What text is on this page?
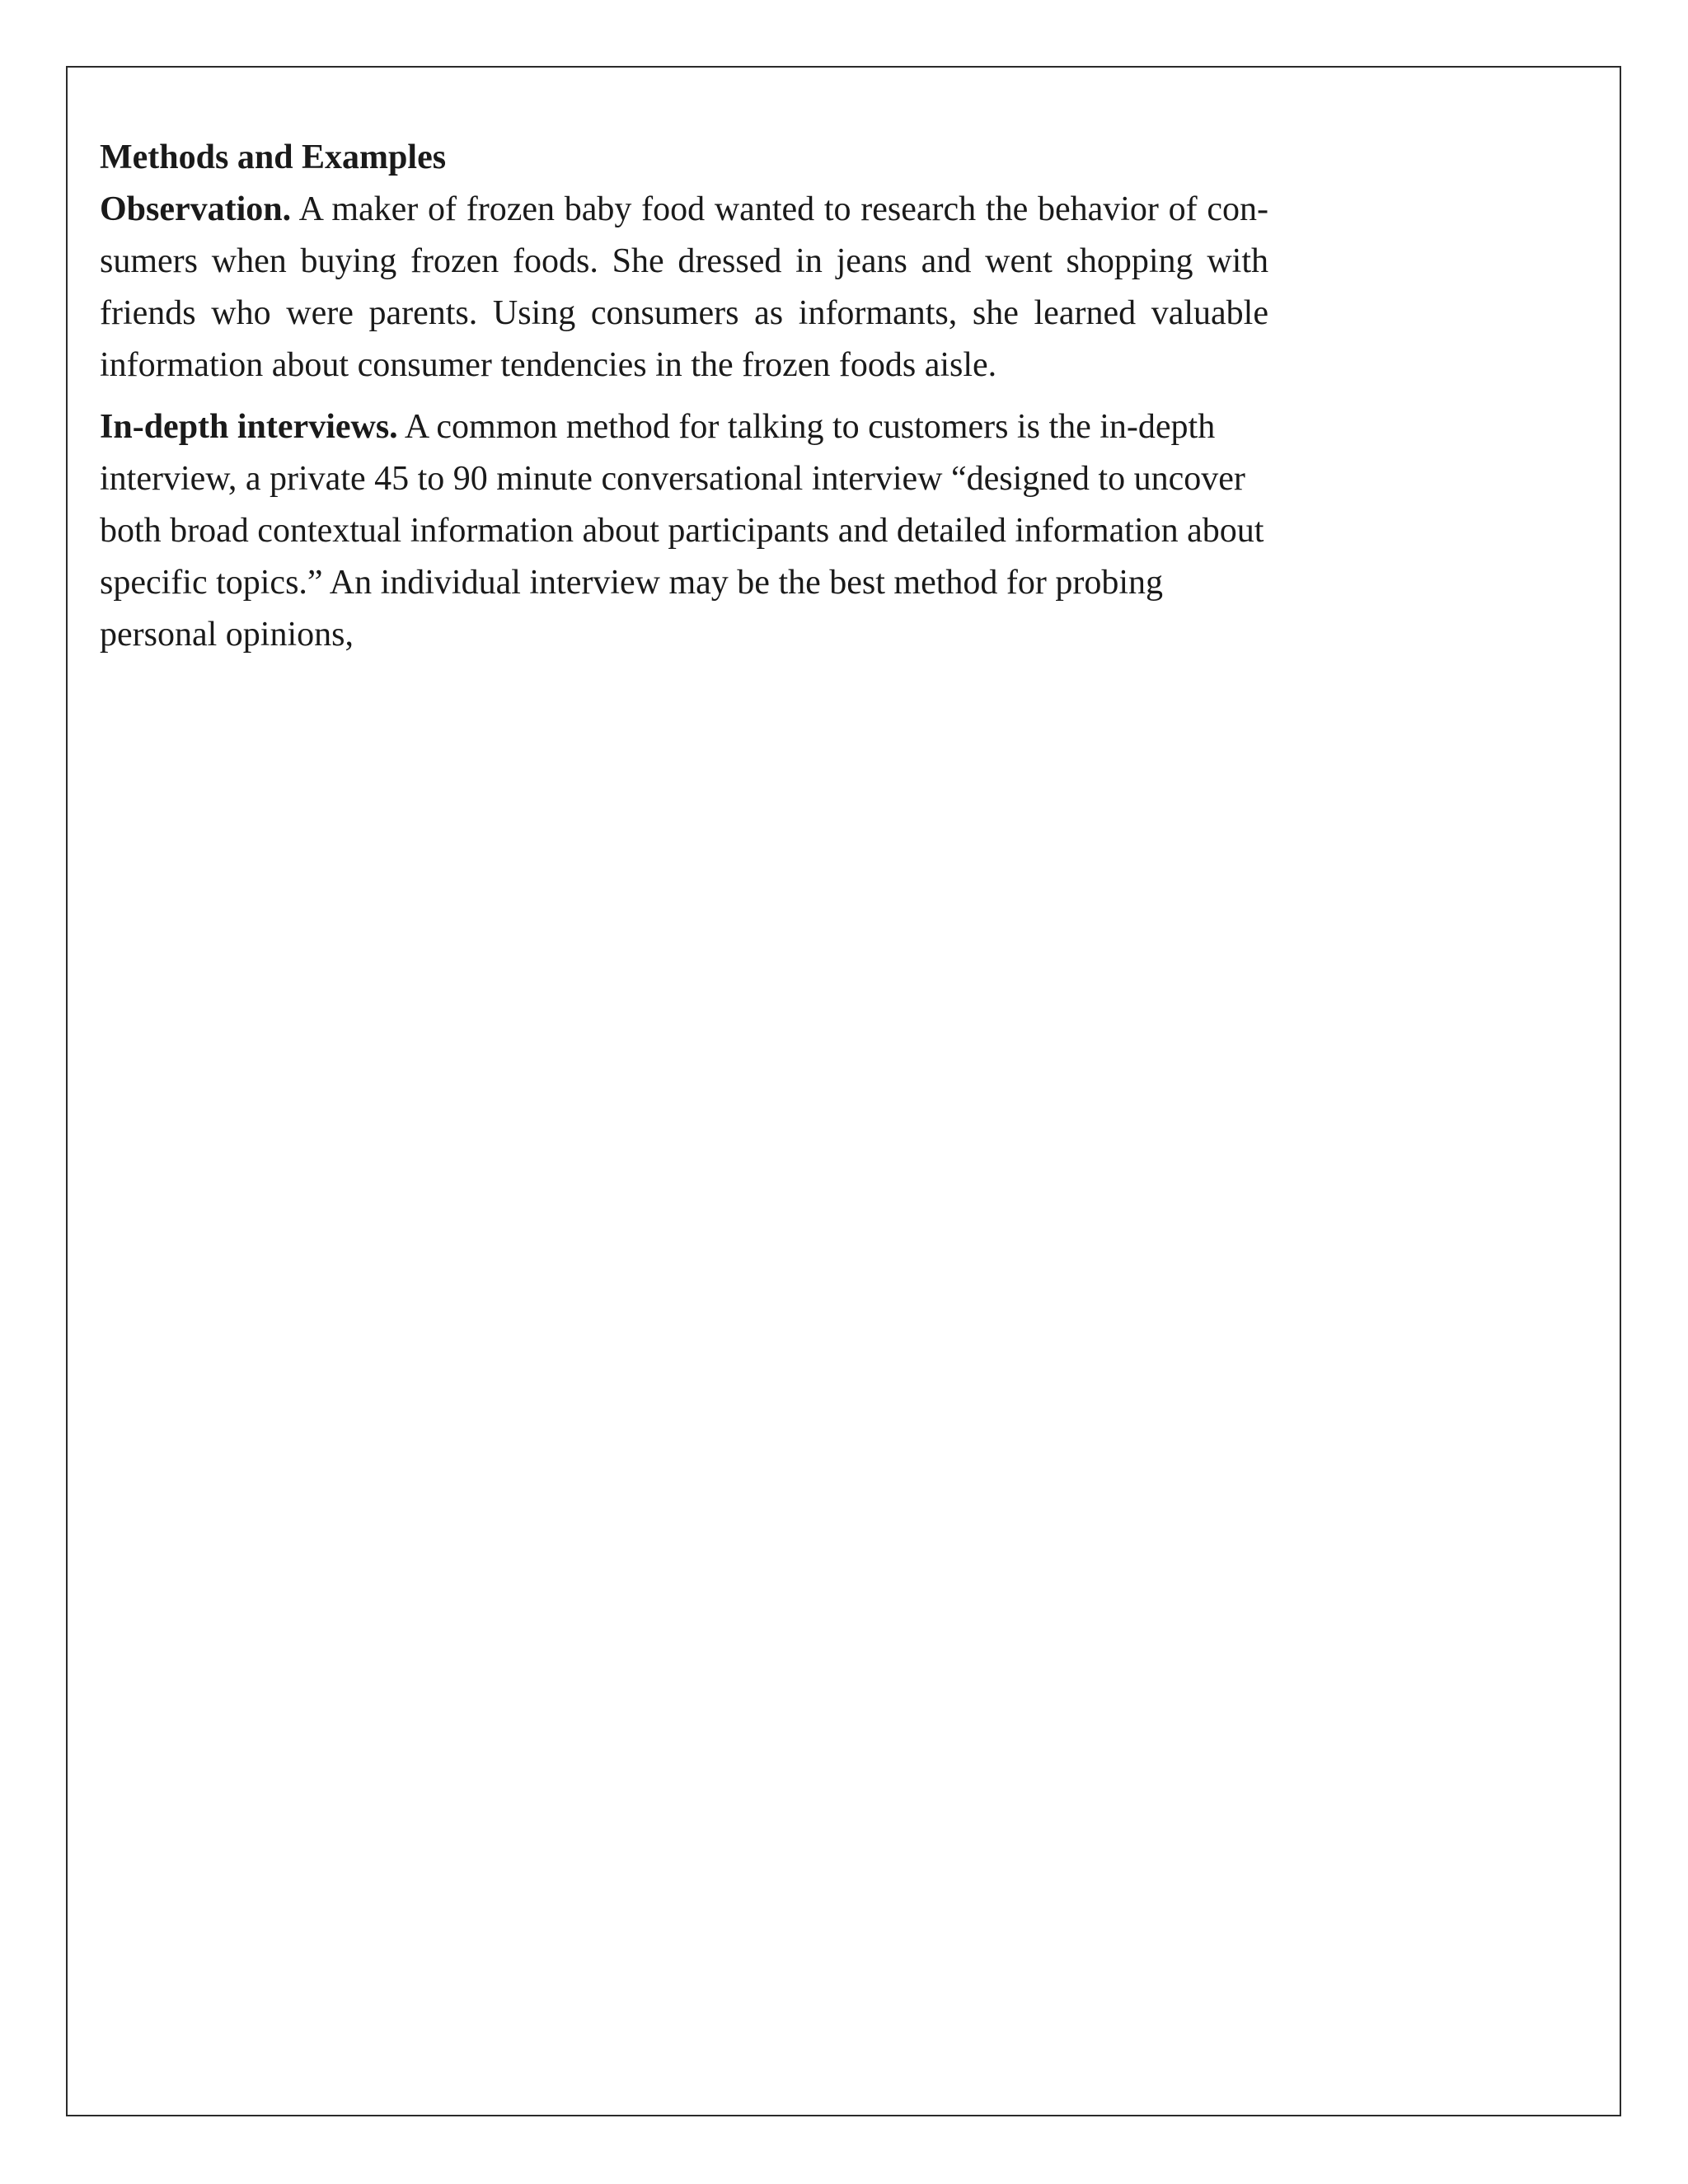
Methods and Examples

Observation. A maker of frozen baby food wanted to research the behavior of con-sumers when buying frozen foods. She dressed in jeans and went shopping with friends who were parents. Using consumers as informants, she learned valuable information about consumer tendencies in the frozen foods aisle.

In-depth interviews. A common method for talking to customers is the in-depth interview, a private 45 to 90 minute conversational interview “designed to uncover both broad contextual information about participants and detailed information about specific topics.” An individual interview may be the best method for probing personal opinions,
